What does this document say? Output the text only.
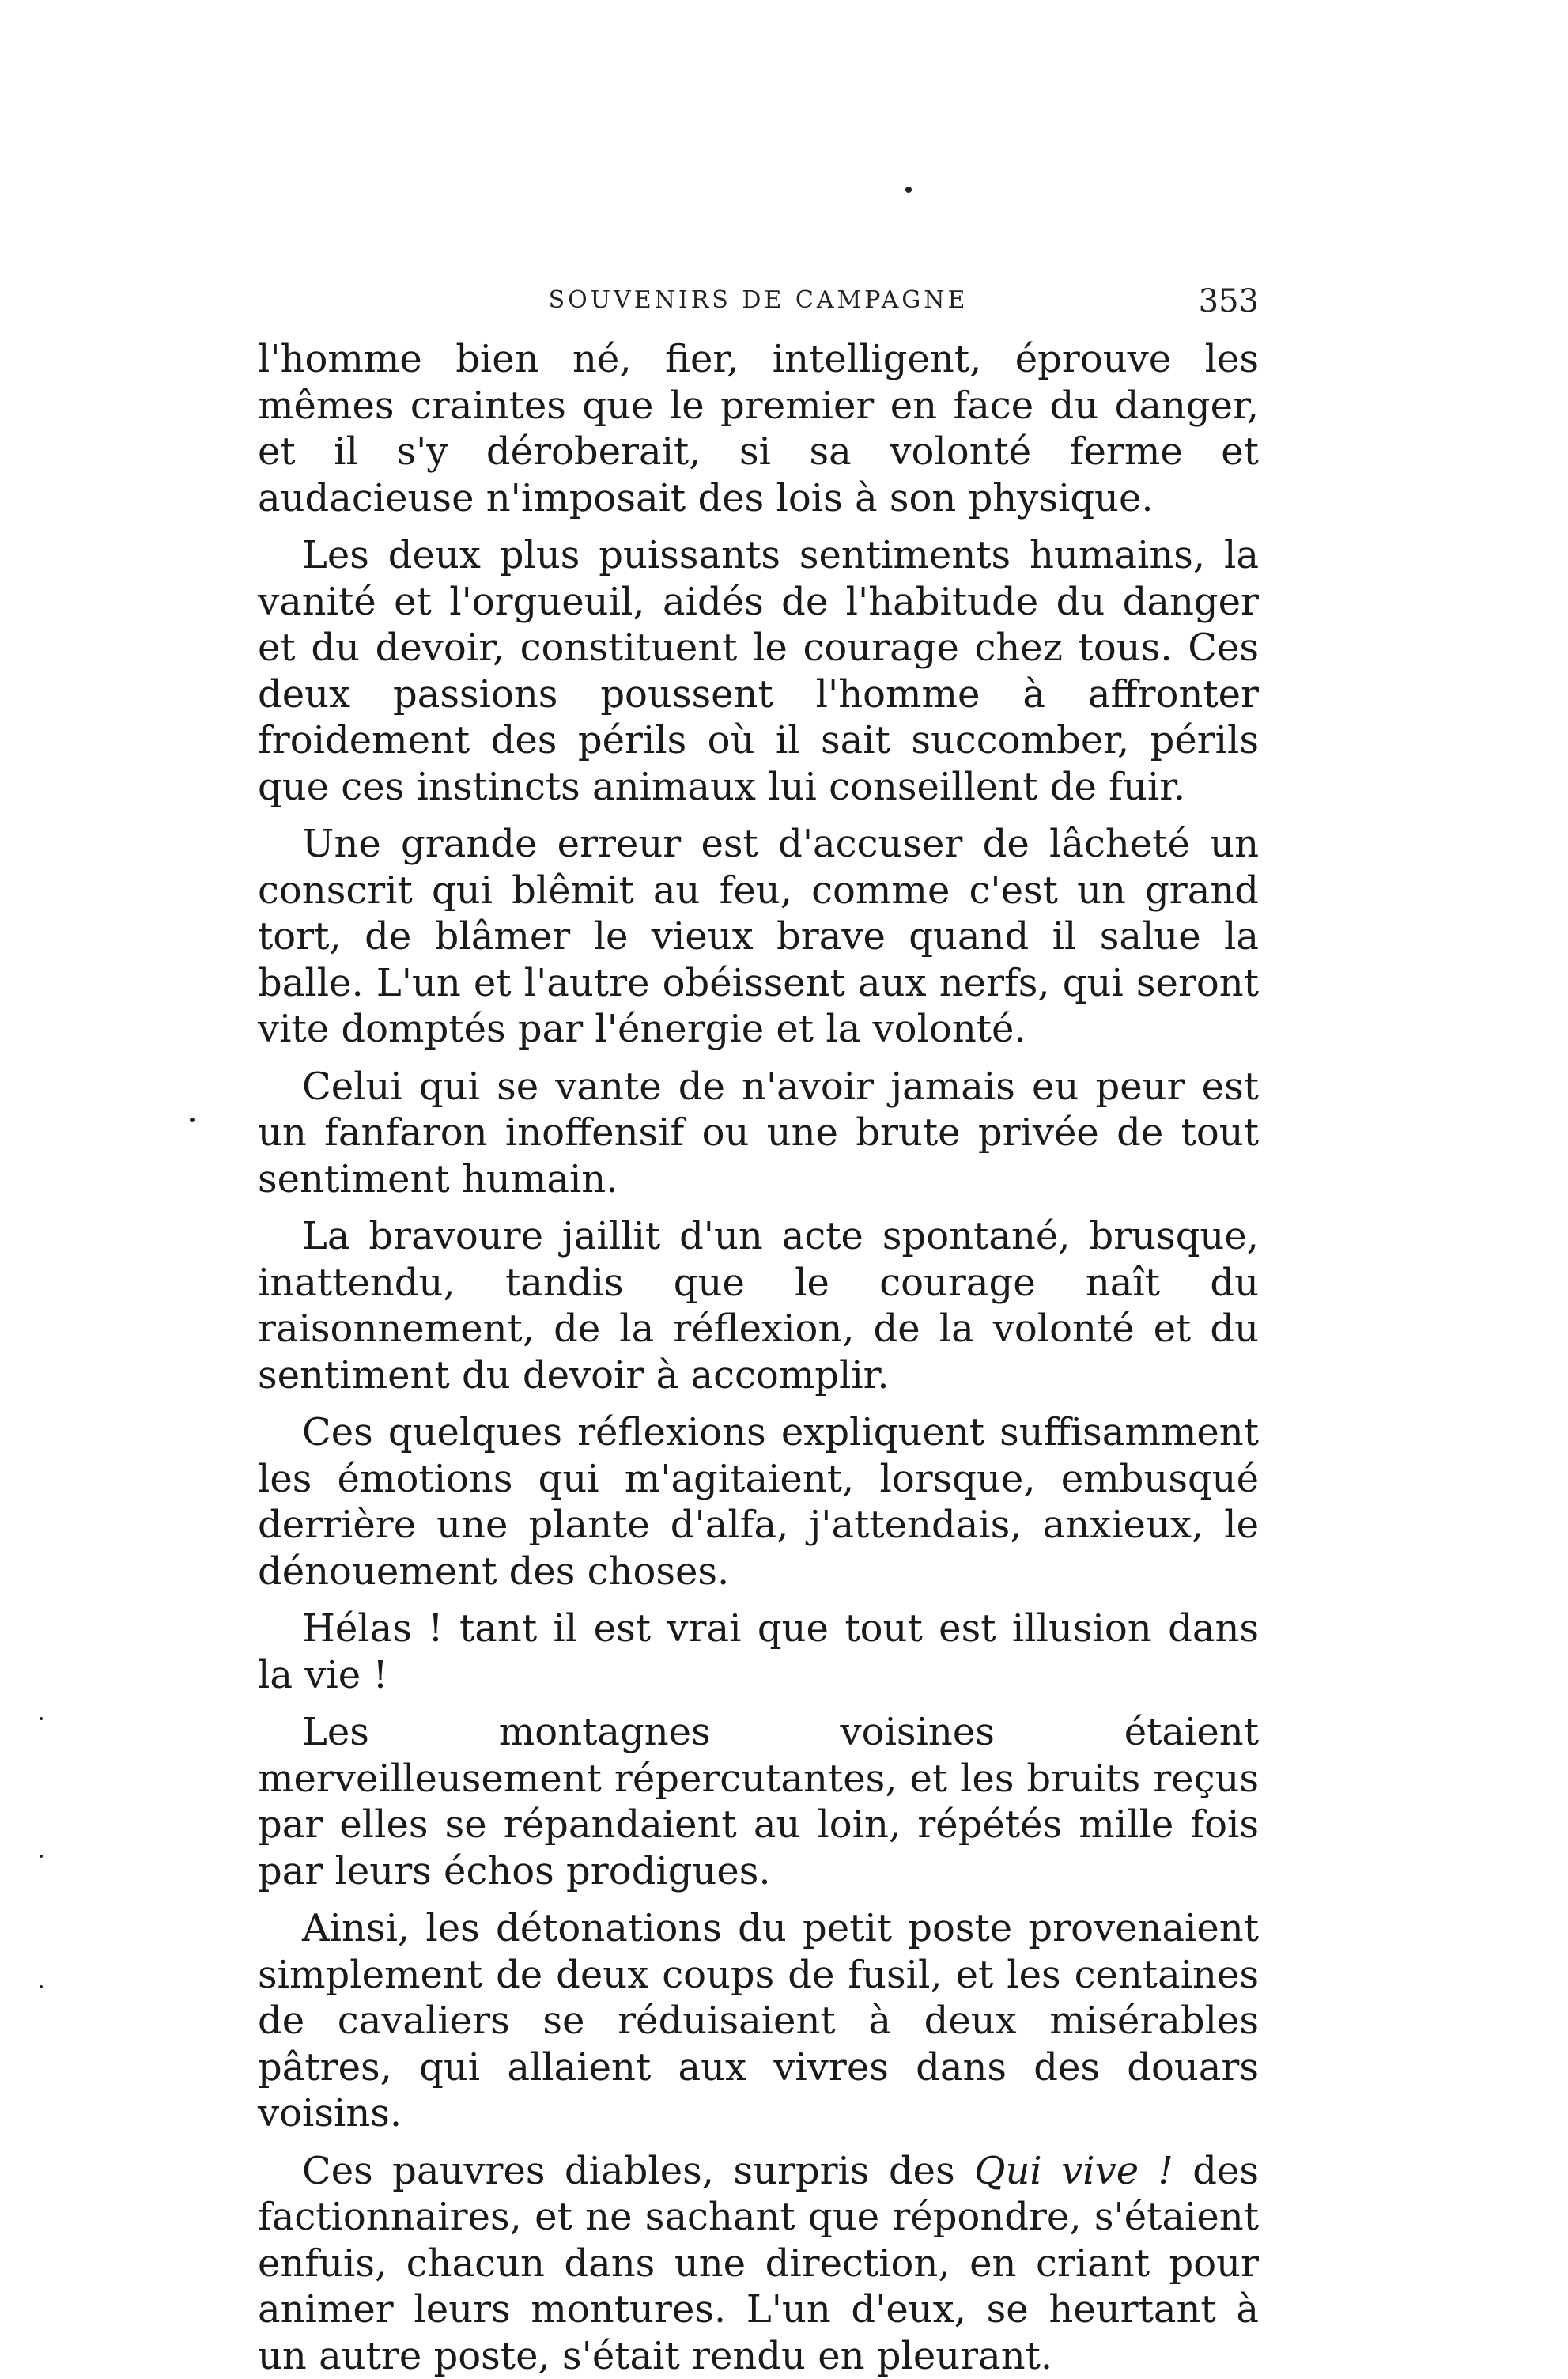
SOUVENIRS DE CAMPAGNE	353

l'homme bien né, fier, intelligent, éprouve les mêmes craintes que le premier en face du danger, et il s'y déroberait, si sa volonté ferme et audacieuse n'imposait des lois à son physique.

Les deux plus puissants sentiments humains, la vanité et l'orgueuil, aidés de l'habitude du danger et du devoir, constituent le courage chez tous. Ces deux passions poussent l'homme à affronter froidement des périls où il sait succomber, périls que ces instincts animaux lui conseillent de fuir.

Une grande erreur est d'accuser de lâcheté un conscrit qui blêmit au feu, comme c'est un grand tort, de blâmer le vieux brave quand il salue la balle. L'un et l'autre obéissent aux nerfs, qui seront vite domptés par l'énergie et la volonté.

Celui qui se vante de n'avoir jamais eu peur est un fanfaron inoffensif ou une brute privée de tout sentiment humain.

La bravoure jaillit d'un acte spontané, brusque, inattendu, tandis que le courage naît du raisonnement, de la réflexion, de la volonté et du sentiment du devoir à accomplir.

Ces quelques réflexions expliquent suffisamment les émotions qui m'agitaient, lorsque, embusqué derrière une plante d'alfa, j'attendais, anxieux, le dénouement des choses.

Hélas ! tant il est vrai que tout est illusion dans la vie !

Les montagnes voisines étaient merveilleusement répercutantes, et les bruits reçus par elles se répandaient au loin, répétés mille fois par leurs échos prodigues.

Ainsi, les détonations du petit poste provenaient simplement de deux coups de fusil, et les centaines de cavaliers se réduisaient à deux misérables pâtres, qui allaient aux vivres dans des douars voisins.

Ces pauvres diables, surpris des Qui vive ! des factionnaires, et ne sachant que répondre, s'étaient enfuis, chacun dans une direction, en criant pour animer leurs montures. L'un d'eux, se heurtant à un autre poste, s'était rendu en pleurant.
